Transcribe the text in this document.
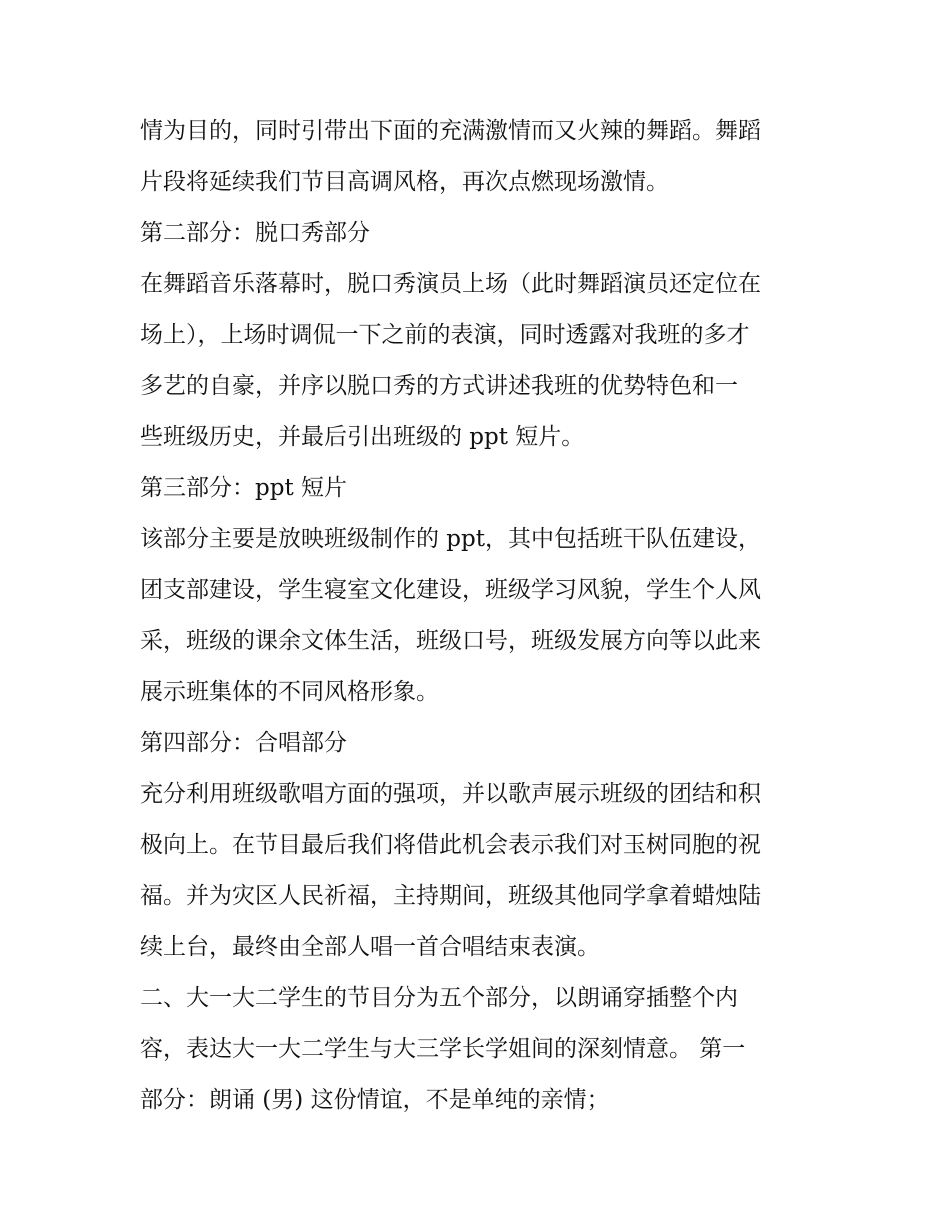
情为目的，同时引带出下面的充满激情而又火辣的舞蹈。舞蹈
片段将延续我们节目高调风格，再次点燃现场激情。
第二部分：脱口秀部分
在舞蹈音乐落幕时，脱口秀演员上场（此时舞蹈演员还定位在
场上），上场时调侃一下之前的表演，同时透露对我班的多才
多艺的自豪，并序以脱口秀的方式讲述我班的优势特色和一
些班级历史，并最后引出班级的 ppt 短片。
第三部分：ppt 短片
该部分主要是放映班级制作的 ppt，其中包括班干队伍建设，
团支部建设，学生寝室文化建设，班级学习风貌，学生个人风
采，班级的课余文体生活，班级口号，班级发展方向等以此来
展示班集体的不同风格形象。
第四部分：合唱部分
充分利用班级歌唱方面的强项，并以歌声展示班级的团结和积
极向上。在节目最后我们将借此机会表示我们对玉树同胞的祝
福。并为灾区人民祈福，主持期间，班级其他同学拿着蜡烛陆
续上台，最终由全部人唱一首合唱结束表演。
二、大一大二学生的节目分为五个部分，以朗诵穿插整个内
容，表达大一大二学生与大三学长学姐间的深刻情意。 第一
部分：朗诵 (男) 这份情谊，不是单纯的亲情；
